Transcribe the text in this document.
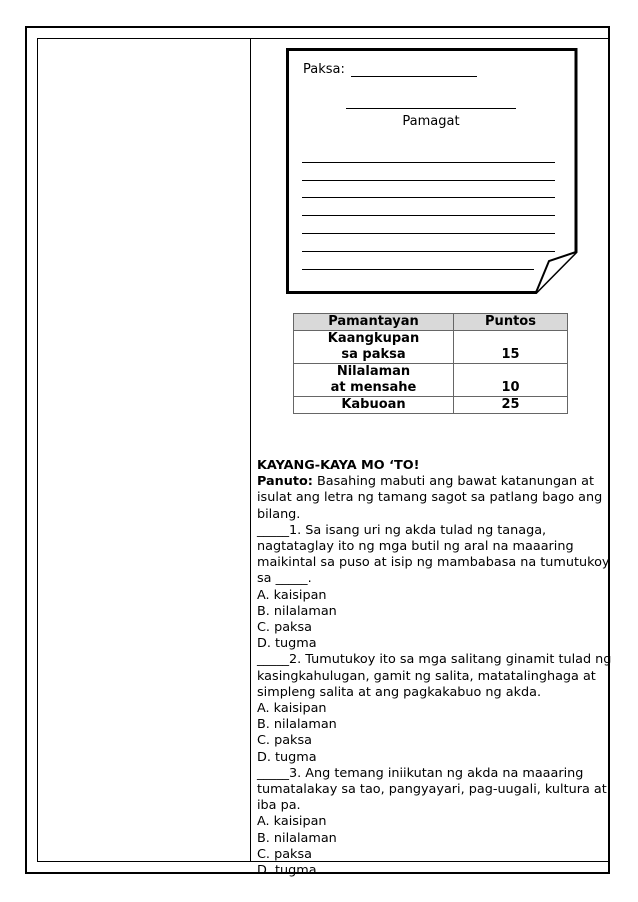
Paksa:
Pamagat
Pamantayan	Puntos
Kaangkupan
sa paksa	15
Nilalaman
at mensahe	10
Kabuoan	25

KAYANG-KAYA MO ‘TO!

Panuto: Basahing mabuti ang bawat katanungan at isulat ang letra ng tamang sagot sa patlang bago ang bilang.

_____1. Sa isang uri ng akda tulad ng tanaga, nagtataglay ito ng mga butil ng aral na maaaring maikintal sa puso at isip ng mambabasa na tumutukoy sa _____.

A. kaisipan

B. nilalaman

C. paksa

D. tugma

_____2. Tumutukoy ito sa mga salitang ginamit tulad ng kasingkahulugan, gamit ng salita, matatalinghaga at simpleng salita at ang pagkakabuo ng akda.

A. kaisipan

B. nilalaman

C. paksa

D. tugma

_____3. Ang temang iniikutan ng akda na maaaring tumatalakay sa tao, pangyayari, pag-uugali, kultura at iba pa.

A. kaisipan

B. nilalaman

C. paksa

D. tugma
